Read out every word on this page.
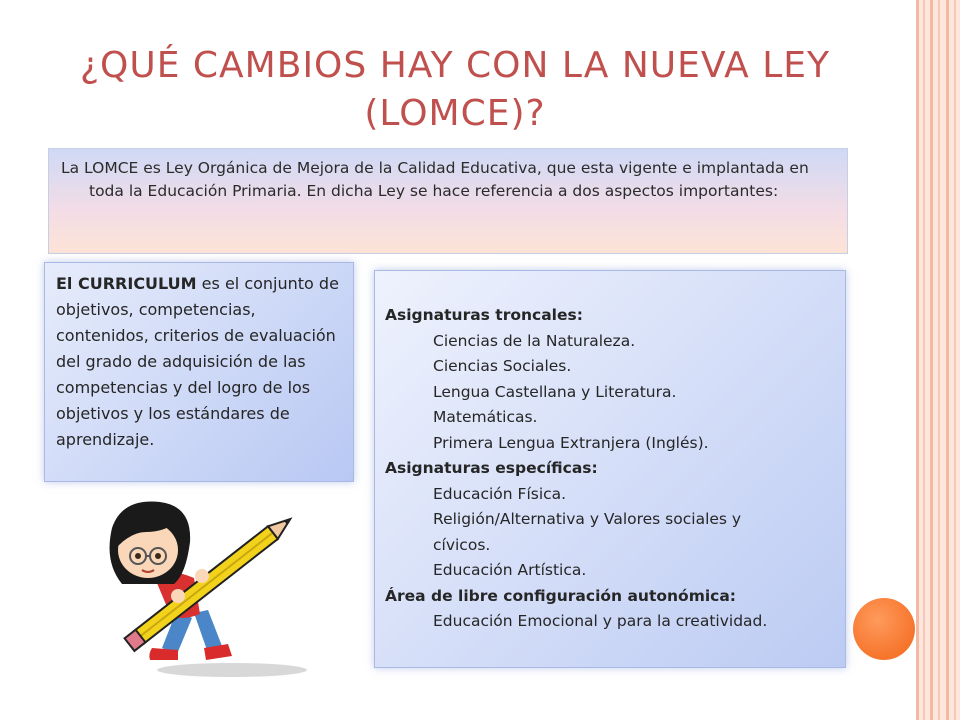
¿QUÉ CAMBIOS HAY CON LA NUEVA LEY
(LOMCE)?

La LOMCE es Ley Orgánica de Mejora de la Calidad Educativa, que esta vigente e implantada en toda la Educación Primaria. En dicha Ley se hace referencia a dos aspectos importantes:

El CURRICULUM es el conjunto de objetivos, competencias, contenidos, criterios de evaluación del grado de adquisición de las competencias y del logro de los objetivos y los estándares de aprendizaje.
Asignaturas troncales:
Ciencias de la Naturaleza.
Ciencias Sociales.
Lengua Castellana y Literatura.
Matemáticas.
Primera Lengua Extranjera (Inglés).
Asignaturas específicas:
Educación Física.
Religión/Alternativa y Valores sociales y
cívicos.
Educación Artística.
Área de libre configuración autonómica:
Educación Emocional y para la creatividad.
